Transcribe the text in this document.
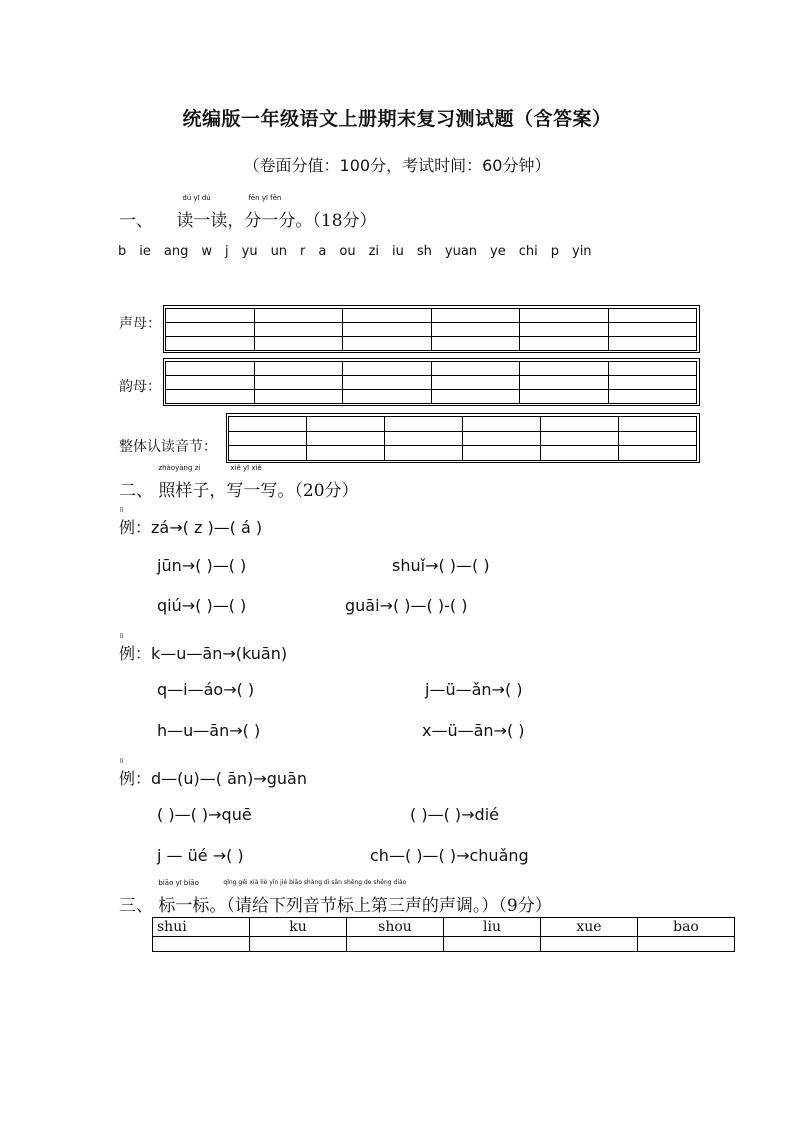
统编版一年级语文上册期末复习测试题（含答案）
（卷面分值：100分，考试时间：60分钟）
一、
dú yī dú
读一读，
fēn yī fēn
分一分。（18分）
b ie ang w j yu un r a ou zi iu sh yuan ye chi p yin
声母：
韵母：
整体认读音节：
二、
zhàoyàng zi
照样子，
xiě yī xiě
写一写。（20分）
lì
例：zá→( z )—( á )
jūn→( )—( )	shuǐ→( )—( )
qiú→( )—( )	guāi→( )—( )-( )
lì
例：k—u—ān→(kuān)
q—i—áo→( )	j—ü—ǎn→( )
h—u—ān→( )	x—ü—ān→( )
lì
例：d—(u)—( ān)→guān
( )—( )→quē	( )—( )→dié
j — üé →( )	ch—( )—( )→chuǎng
三、
biāo yī biāo
标一标
qǐng gěi xià liè yīn jié biāo shàng dì sān shēng de shēng diào
。（请给下列音节标上第三声的声调。）（9分）
shui	ku	shou	liu	xue	bao
